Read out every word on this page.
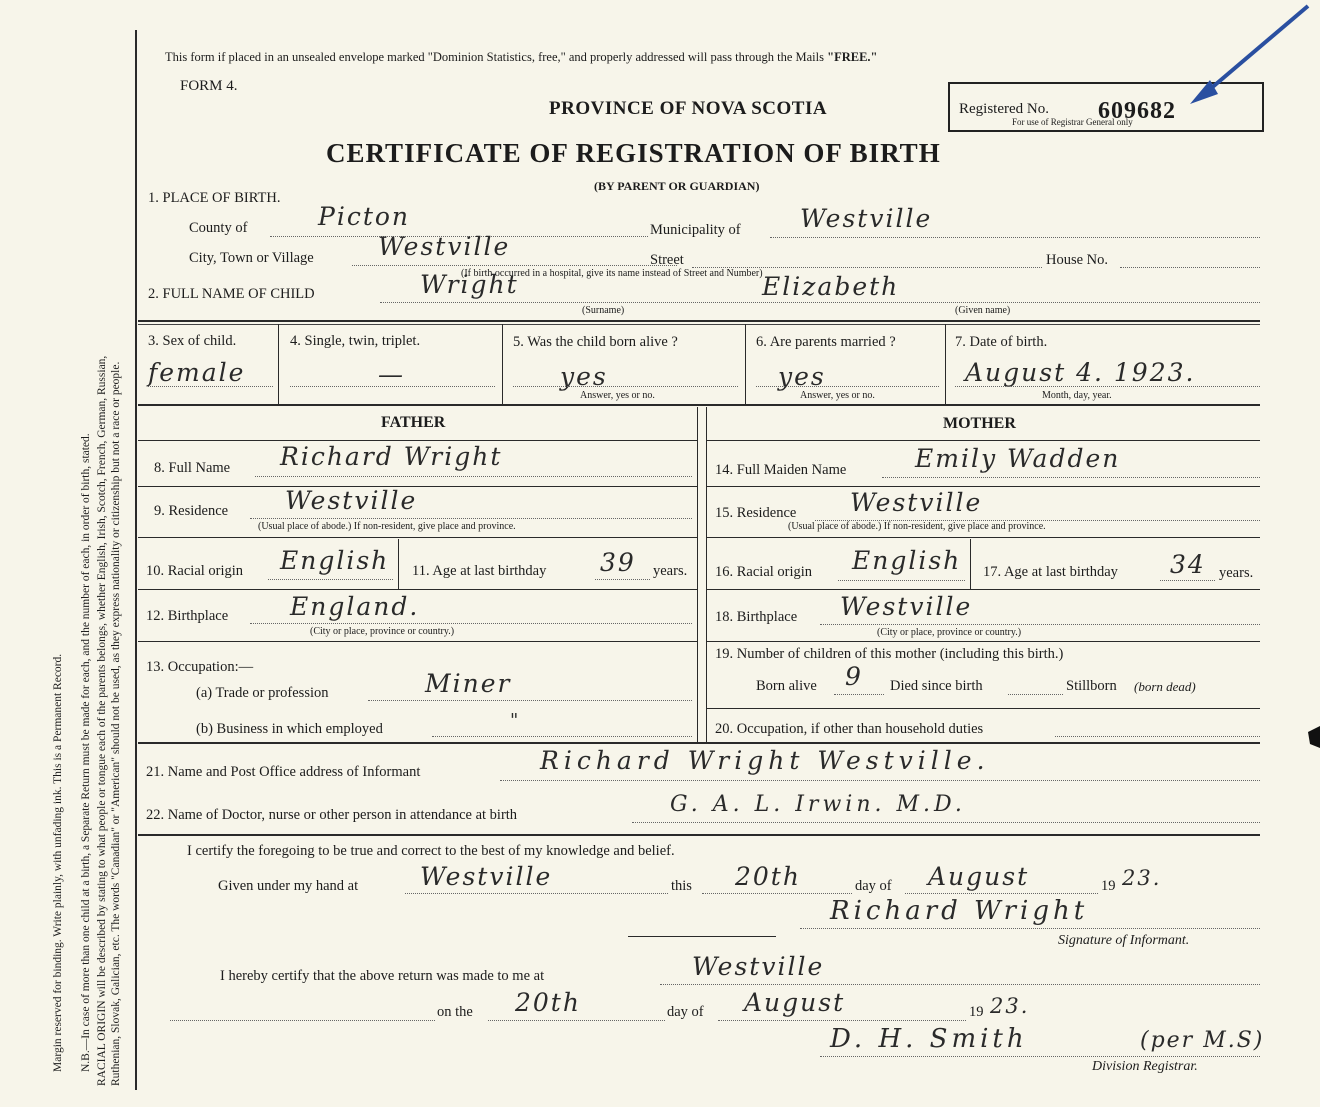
Margin reserved for binding. Write plainly, with unfading ink. This is a Permanent Record. N.B.—In case of more than one child at a birth, a Separate Return must be made for each, and the number of each, in order of birth, stated. RACIAL ORIGIN will be described by stating to what people or tongue each of the parents belongs, whether English, Irish, Scotch, French, German, Russian, Ruthenian, Slovak, Galician, etc. The words "Canadian" or "American" should not be used, as they express nationality or citizenship but not a race or people.
This form if placed in an unsealed envelope marked "Dominion Statistics, free," and properly addressed will pass through the Mails "FREE."
FORM 4.
PROVINCE OF NOVA SCOTIA
CERTIFICATE OF REGISTRATION OF BIRTH
(BY PARENT OR GUARDIAN)
Registered No. 609682
For use of Registrar General only
1. PLACE OF BIRTH.
County of	Picton	Municipality of Westville
City, Town or Village	Westville	Street	House No.
(If birth occurred in a hospital, give its name instead of Street and Number)
2. FULL NAME OF CHILD	Wright	Elizabeth
(Surname)	(Given name)
3. Sex of child.
female
4. Single, twin, triplet.
—
5. Was the child born alive ?
yes
Answer, yes or no.
6. Are parents married ?
yes
Answer, yes or no.
7. Date of birth.
August 4. 1923.
Month, day, year.
FATHER	MOTHER
8. Full Name Richard Wright
9. Residence Westville
(Usual place of abode.) If non-resident, give place and province.
10. Racial origin English 11. Age at last birthday 39 years.
12. Birthplace England.
(City or place, province or country.)
13. Occupation:—
(a) Trade or profession	Miner
(b) Business in which employed	"
14. Full Maiden Name	Emily Wadden
15. Residence Westville
(Usual place of abode.) If non-resident, give place and province.
16. Racial origin English 17. Age at last birthday 34 years.
18. Birthplace Westville
(City or place, province or country.)
19. Number of children of this mother (including this birth.)
Born alive 9 Died since birth	Stillborn (born dead)
20. Occupation, if other than household duties
21. Name and Post Office address of Informant	Richard Wright Westville.
22. Name of Doctor, nurse or other person in attendance at birth	G. A. L. Irwin. M.D.
I certify the foregoing to be true and correct to the best of my knowledge and belief.
Given under my hand at Westville	this 20th	day of August	19 23.
Richard Wright
Signature of Informant.
I hereby certify that the above return was made to me at	Westville
on the 20th	day of August	19 23.
D. H. Smith	(per M.S)
Division Registrar.
